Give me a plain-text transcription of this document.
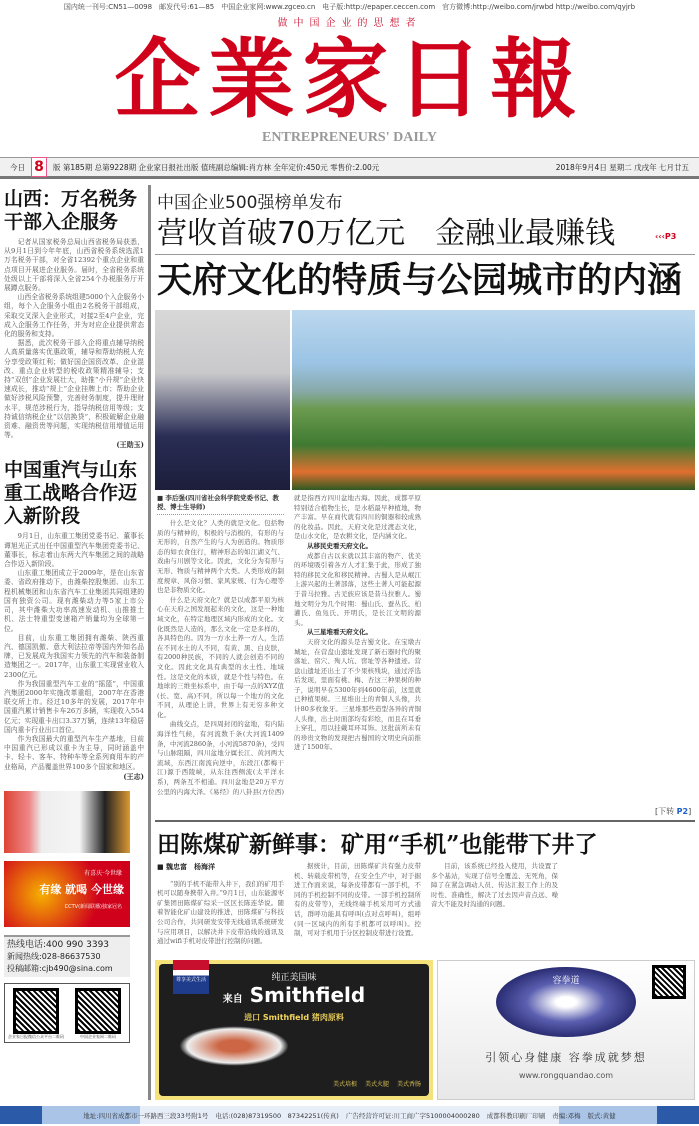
国内统一刊号:CN51—0098　邮发代号:61—85　中国企业家网:www.zgceo.cn　电子版:http://epaper.ceccen.com　官方微博:http://weibo.com/jrwbd http://weibo.com/qyjrb
做中国企业的思想者
企業家日報
ENTREPRENEURS' DAILY
今日 8	版 第185期 总第9228期 企业家日报社出版 值班副总编辑:肖方林 全年定价:450元 零售价:2.00元	2018年9月4日 星期二 戊戌年 七月廿五
山西：万名税务干部入企服务

记者从国家税务总局山西省税务局获悉，从9月1日到今年年底，山西省税务系统选派1万名税务干部，对全省12392个重点企业和重点项目开展进企业服务。届时，全省税务系统处级以上干部将深入全省254个办税服务厅开展蹲点服务。

山西全省税务系统组建5000个入企服务小组，每个入企服务小组由2名税务干部组成，采取交叉深入企业形式，对接2至4户企业，完成入企服务工作任务，并为对应企业提供常态化的服务和支持。

据悉，此次税务干部入企将重点辅导纳税人高质量落实优惠政策，辅导和帮助纳税人充分享受政策红利；做好国企国资改革、企业混改、重点企业转型的税收政策精准辅导；支持“双创”企业发展壮大，助推“小升规”企业快速成长，推动“规上”企业挂牌上市；帮助企业做好涉税风险预警，完善财务制度，提升理财水平，规范涉税行为，指导纳税信用等级；支持诚信纳税企业“以信换贷”，积极破解企业融资难、融资贵等问题，实现纳税信用增值运用等。

(王勋玉)
中国重汽与山东重工战略合作迈入新阶段

9月1日，山东重工集团党委书记、董事长谭旭光正式出任中国重型汽车集团党委书记、董事长，标志着山东两大汽车集团之间的战略合作迈入新阶段。

山东重工集团成立于2009年，是在山东省委、省政府推动下，由潍柴控股集团、山东工程机械集团和山东省汽车工业集团共同组建的国有独资公司。现有潍柴动力等5家上市公司，其中潍柴大功率高速发动机、山推推土机、法士特重型变速箱产销量均为全球第一位。

目前，山东重工集团拥有潍柴、陕西重汽、德国凯傲、意大利法拉帝等国内外知名品牌，已发展成为我国实力领先的汽车和装备制造集团之一。2017年，山东重工实现营业收入2300亿元。

作为我国重型汽车工业的“摇篮”，中国重汽集团2000年实施改革重组，2007年在香港联交所上市。经过10多年的发展，2017年中国重汽累计销售卡车26万多辆，实现收入554亿元；实现重卡出口3.37万辆，连续13年稳居国内重卡行业出口首位。

作为我国最大的重型汽车生产基地，目前中国重汽已形成以重卡为主导，同时涵盖中卡、轻卡、客车、特种车等全系列商用车的产业格局，产品覆盖世界100多个国家和地区。

(王志)
有喜庆·今世缘
有缘 就喝 今世缘
CCTV(新闻联播)独家冠名
热线电话:400 990 3393
新闻热线:028-86637530
投稿邮箱:cjb490@sina.com
企业家日报微信公众平台二维码	中国企业家网二维码
中国企业500强榜单发布
营收首破70万亿元　金融业最赚钱	‹‹‹P3
天府文化的特质与公园城市的内涵
■ 李后强(四川省社会科学院党委书记、教授、博士生导师)

什么是文化？人类的就是文化。包括物质的与精神的，积极的与消极的，有形的与无形的，自然产生的与人为创造的。物质形态的如衣食住行，精神形态的如江湖义气、戏曲与川剧等文化。因此，文化分为有形与无形、物质与精神两个大类。人类形成的制度规章、风俗习惯、家风家规、行为心理等也是非物质文化。

什么是天府文化？就是以成都平原为核心在天府之国发展起来的文化，这是一种地域文化，在特定地理区域内形成的文化。文化既然是人造的，那么文化一定是多样的，各具特色的。因为一方水土养一方人，生活在不同水土的人不同，有黄、黑、白皮肤，有2000种民族，不同的人就会创造不同的文化。因此文化具有典型的水土性、地域性。这是文化的本质，就是个性与特色。在地球的三维坐标系中，由于每一点的XYZ值(长、宽、高)不同，所以每一个地方的文化不同，从理论上讲，世界上有无穷多种文化。

曲线交点，是四周封闭的盆地，有内陆海洋性气候，有河流数千条(大河流1409条，中河流2860条，小河流5870条)，受四与山脉阻隔，四川盆地分属长江、黄河两大流域，东西江南流向逆中，东段江(都梅干江)源于西陵峡，从东往西侧流(太平洋水系)，两条互不相通。四川盆地是20万平方公里的内海大泽。《易经》的八卦县(方位西)就是指西方四川盆地古海。因此，成都平原特别适合植物生长，是水稻最早种植地，物产丰富。早在商代就有四川的铜器和较成熟的化妆品。因此，天府文化是过渡态文化，是山水文化，是农耕文化，是内涵文化。

从移民史看天府文化。

成都自古以来就以其丰富的物产、优美的环境吸引着各方人才汇集于此，形成了独特的移民文化和移民精神。古蜀人是从岷江上游兴起的土著部落，这些土著人可能起源于昔马拉雅。古羌族应该是昔马拉雅人。蜀地文明分为几个时期：蜀山氏、蚕丛氏、柏灌氏、鱼凫氏、开明氏，是长江文明的源头。

从三星堆看天府文化。

天府文化的源头是古蜀文化。在宝墩古城址，在营盘山遗址发现了新石器时代的聚落址、窑穴、殉人坑、窖址等各种遗迹。营盘山遗址还出土了不少果核残块，通过浮选后发现，里面有桃、梅、杏这三种果树的种子，说明早在5300年到4600年前，这里就已种植果树。三星堆出土的青铜人头像，共计80多枚象牙。三星堆那些造型各异的青铜人头像，出土时面部均有彩绘，而且在耳垂上穿孔，用以挂戴耳环耳饰。这批前所未有的珍贵文物的发现把古蜀国的文明史向前推进了1500年。

[下转 P2]
田陈煤矿新鲜事：矿用“手机”也能带下井了

■ 魏忠富　杨海洋

“别的手机不能带入井下，我们的矿用手机可以随身携带入井。”9月1日，山东能源枣矿集团田陈煤矿综采一区区长陈连华说。随着智能化矿山建设的推进，田陈煤矿与科技公司合作，共同研发安带无线通讯系统研发与应用项目，以解决井下皮带沿线的通讯及通过wifi手机对皮带进行控制的问题。

据统计，目前，田陈煤矿共有强力皮带机、转载皮带机等，在安全生产中，对于掘进工作面来说，每条皮带都有一部手机，不同的手机控制不同的皮带。一部手机控制所有的皮带等)，无线终端手机采用可方式通话，群呼功能具有呼叫(点对点呼叫)，组呼(同一区域内的所有手机都可以呼叫)。控制，可对手机用于分区控制皮带进行设置。

目前，该系统已经投入使用，共设置了多个基站，实现了信号全覆盖、无死角，保障了在紧急调动人员、传达汇报工作上的及时性、准确性，解决了过去因声音点远、噪音大不能及时沟通的问题。

尊享美式生活	纯正美国味
来自 Smithfield
进口 Smithfield 猪肉原料
美式培根 美式火腿 美式香肠
容拳道
引领心身健康 容拳成就梦想
www.rongquandao.com
地址:四川省成都市一环路西三段33号附1号 电话:(028)87319500　87342251(传真) 广告经营许可证:川工商广字5100004000280 成都科教印刷厂印刷 责编:邓梅 版式:黄健
